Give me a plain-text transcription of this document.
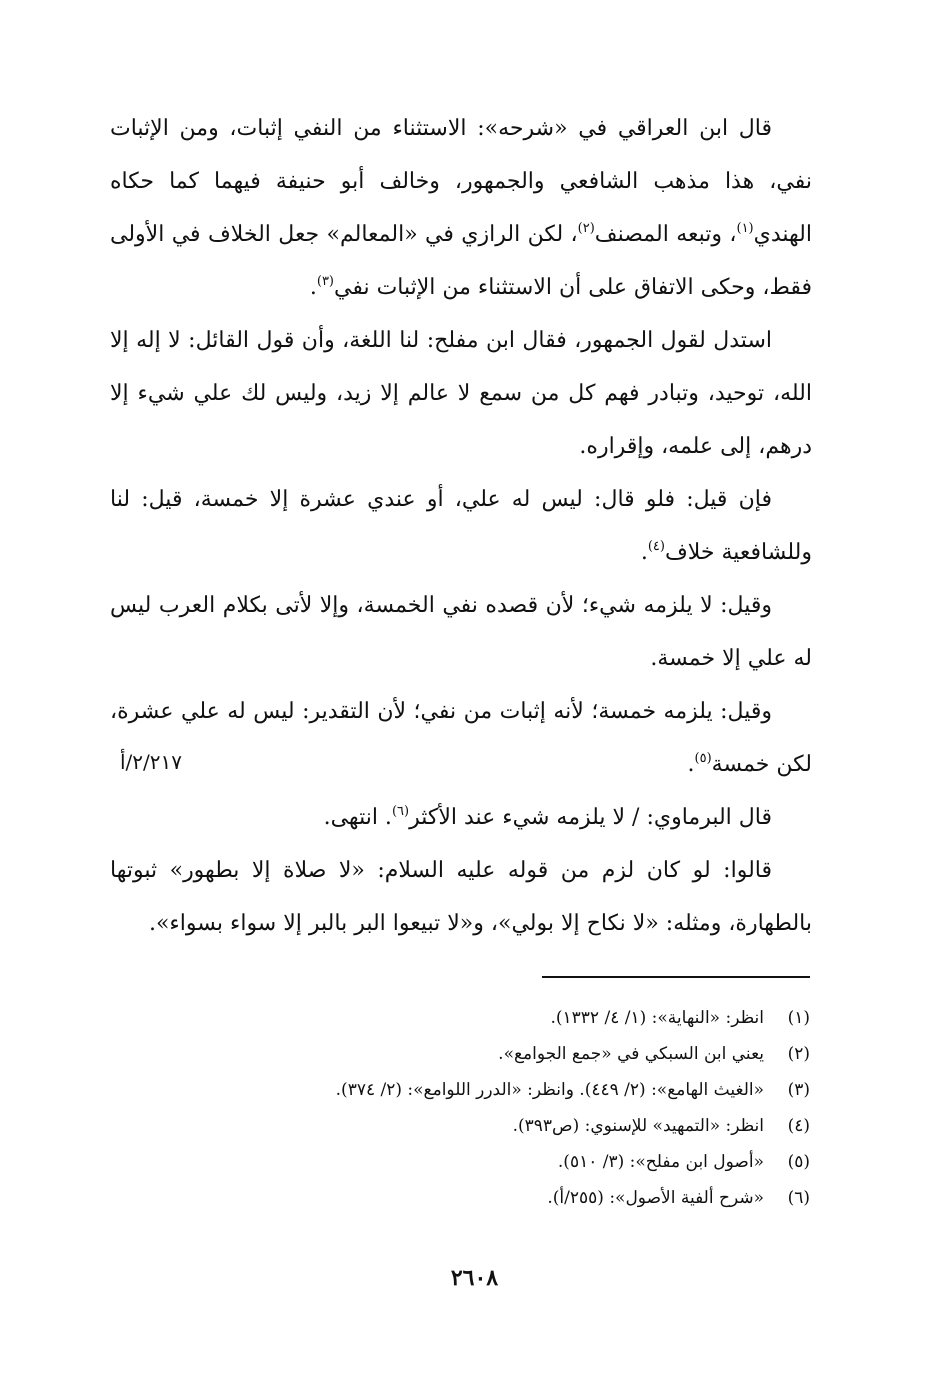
قال ابن العراقي في «شرحه»: الاستثناء من النفي إثبات، ومن الإثبات نفي، هذا مذهب الشافعي والجمهور، وخالف أبو حنيفة فيهما كما حكاه الهندي$^{(١)}$، وتبعه المصنف$^{(٢)}$، لكن الرازي في «المعالم» جعل الخلاف في الأولى فقط، وحكى الاتفاق على أن الاستثناء من الإثبات نفي$^{(٣)}$.

استدل لقول الجمهور، فقال ابن مفلح: لنا اللغة، وأن قول القائل: لا إله إلا الله، توحيد، وتبادر فهم كل من سمع لا عالم إلا زيد، وليس لك علي شيء إلا درهم، إلى علمه، وإقراره.

فإن قيل: فلو قال: ليس له علي، أو عندي عشرة إلا خمسة، قيل: لنا وللشافعية خلاف$^{(٤)}$.

وقيل: لا يلزمه شيء؛ لأن قصده نفي الخمسة، وإلا لأتى بكلام العرب ليس له علي إلا خمسة.

وقيل: يلزمه خمسة؛ لأنه إثبات من نفي؛ لأن التقدير: ليس له علي عشرة، لكن خمسة$^{(٥)}$.

قال البرماوي: / لا يلزمه شيء عند الأكثر$^{(٦)}$. انتهى.

قالوا: لو كان لزم من قوله عليه السلام: «لا صلاة إلا بطهور» ثبوتها بالطهارة، ومثله: «لا نكاح إلا بولي»، و«لا تبيعوا البر بالبر إلا سواء بسواء».

٢/٢١٧/أ
(١)انظر: «النهاية»: (١/ ٤/ ١٣٣٢).
(٢)يعني ابن السبكي في «جمع الجوامع».
(٣)«الغيث الهامع»: (٢/ ٤٤٩). وانظر: «الدرر اللوامع»: (٢/ ٣٧٤).
(٤)انظر: «التمهيد» للإسنوي: (ص٣٩٣).
(٥)«أصول ابن مفلح»: (٣/ ٥١٠).
(٦)«شرح ألفية الأصول»: (٢٥٥/أ).
٢٦٠٨
